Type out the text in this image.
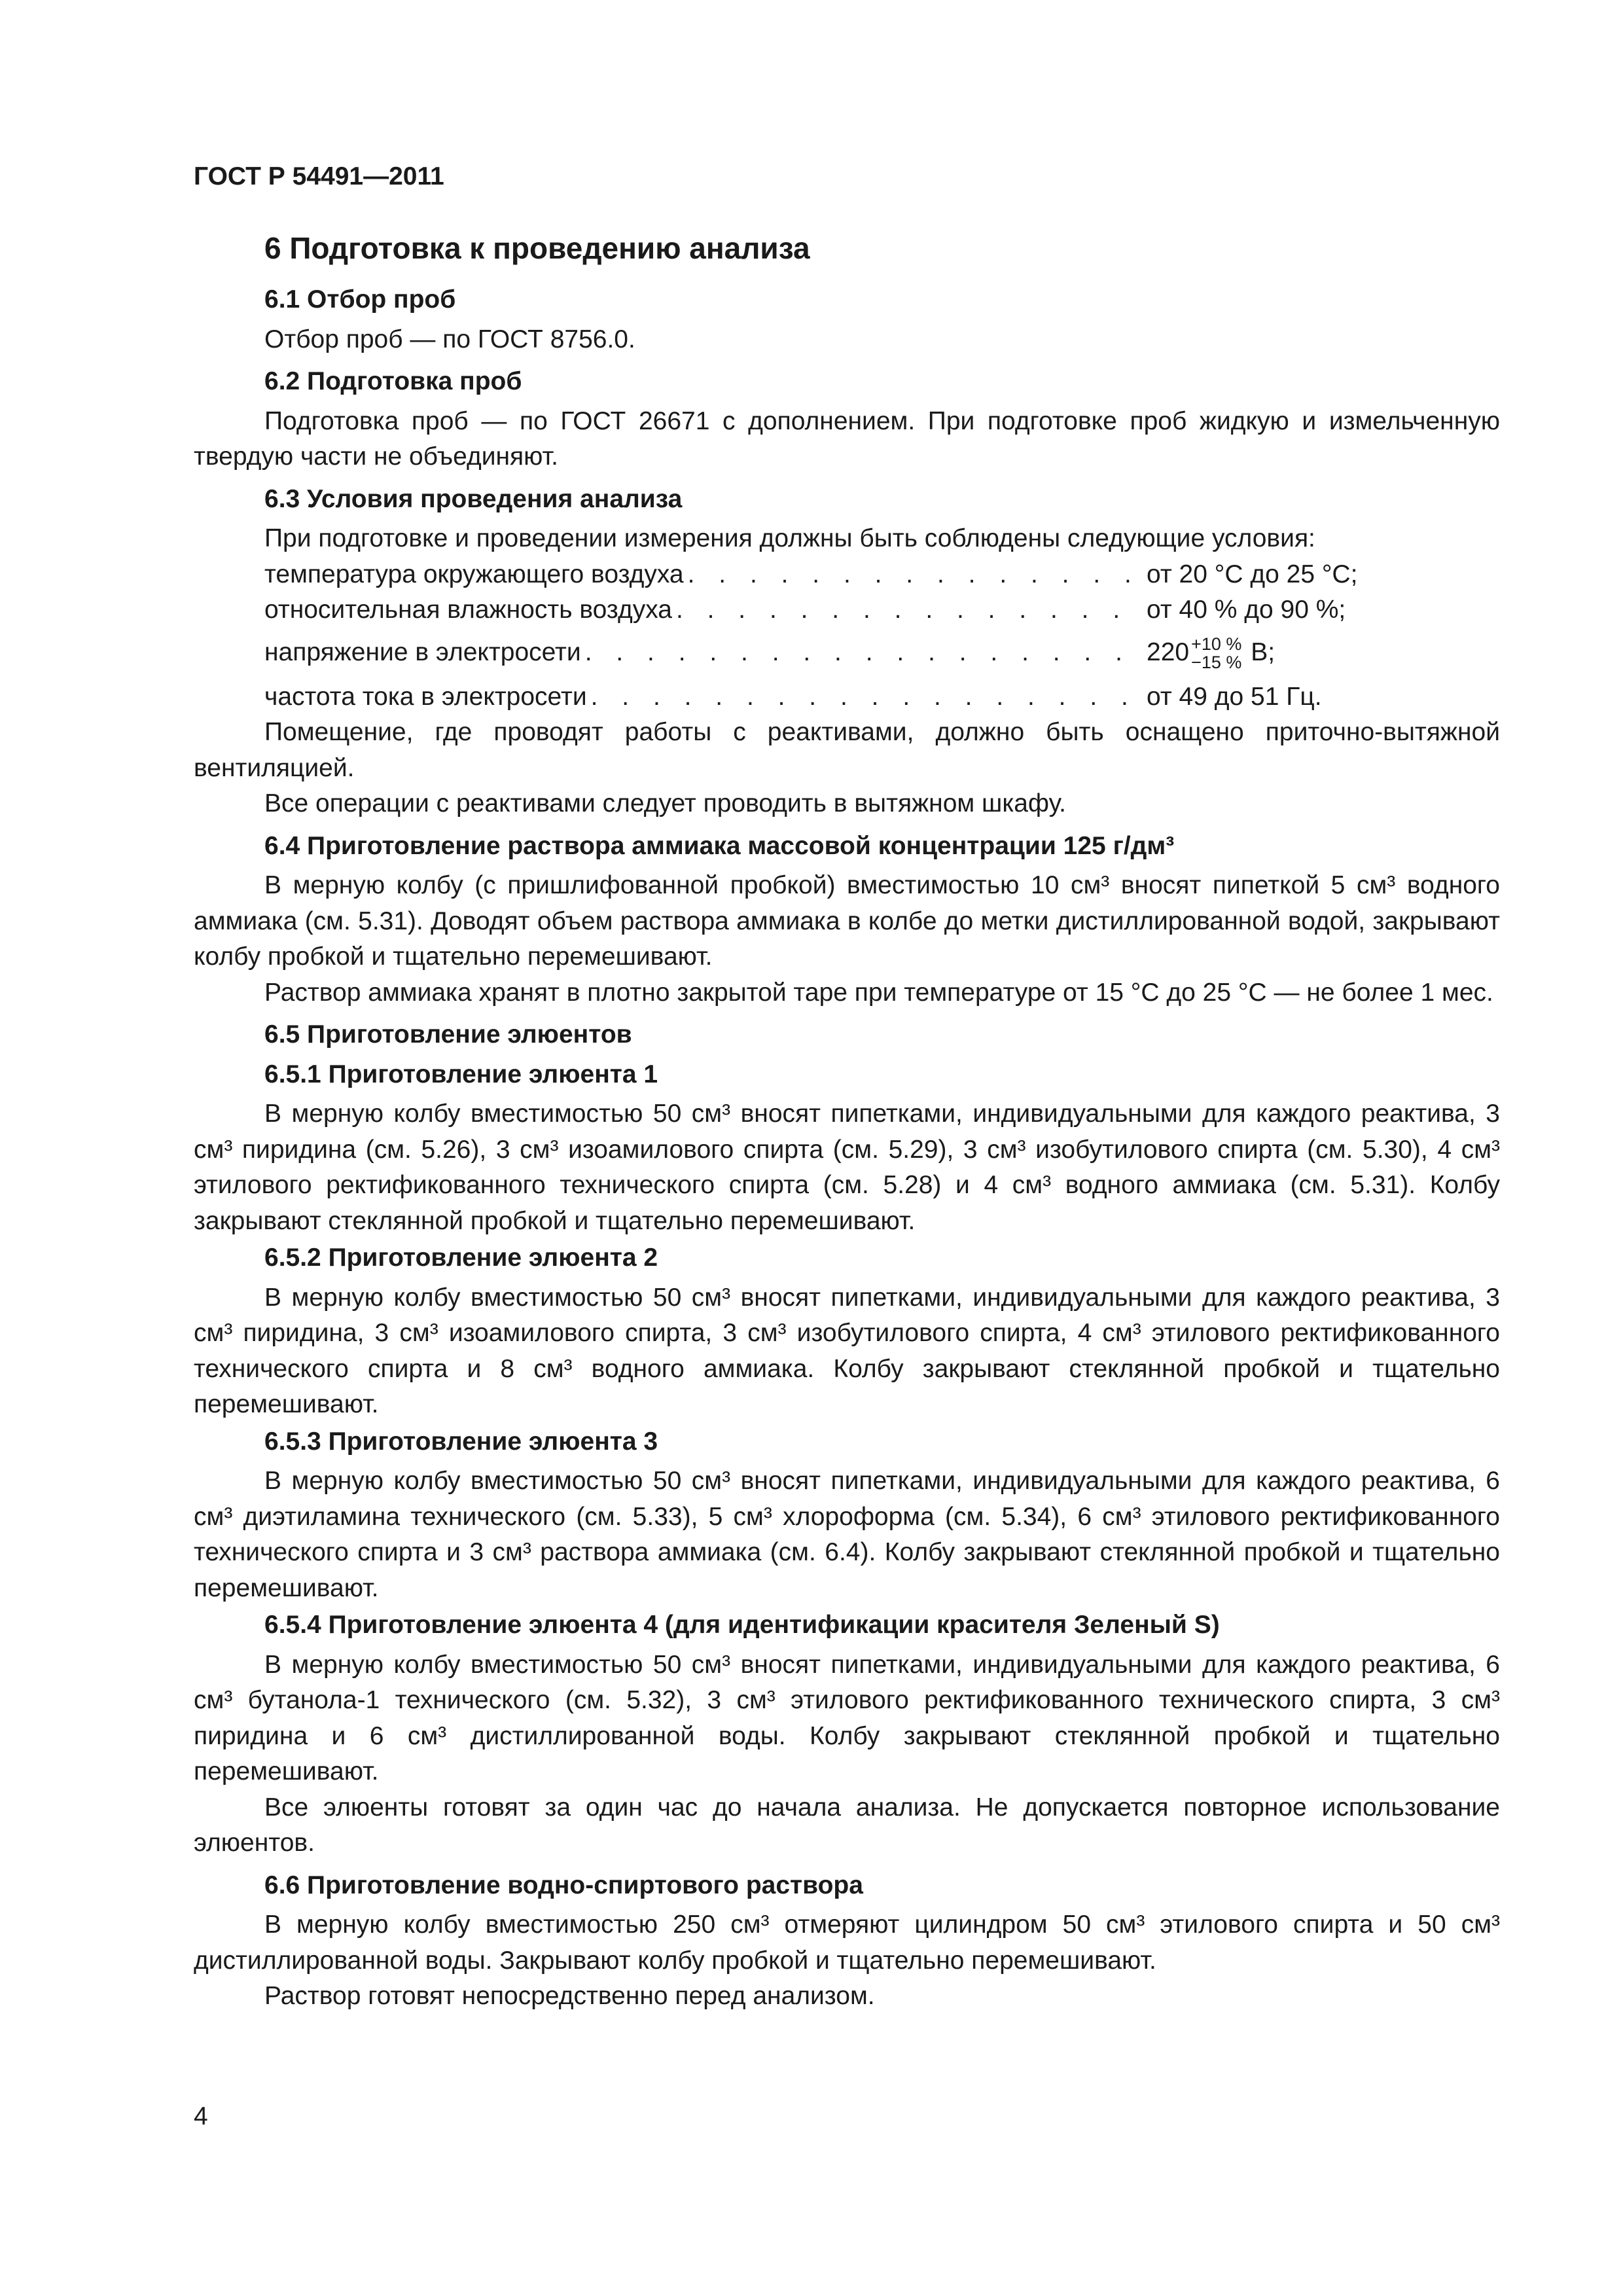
ГОСТ Р 54491—2011

6 Подготовка к проведению анализа
6.1 Отбор проб

Отбор проб — по ГОСТ 8756.0.

6.2 Подготовка проб

Подготовка проб — по ГОСТ 26671 с дополнением. При подготовке проб жидкую и измельченную твердую части не объединяют.

6.3 Условия проведения анализа

При подготовке и проведении измерения должны быть соблюдены следующие условия:

температура окружающего воздуха . . .	от 20 °С до 25 °С;
относительная влажность воздуха . . .	от 40 % до 90 %;
напряжение в электросети . . .	220 +10 %
−15 % В;
частота тока в электросети . . .	от 49 до 51 Гц.

Помещение, где проводят работы с реактивами, должно быть оснащено приточно-вытяжной вентиляцией.

Все операции с реактивами следует проводить в вытяжном шкафу.

6.4 Приготовление раствора аммиака массовой концентрации 125 г/дм³

В мерную колбу (с пришлифованной пробкой) вместимостью 10 см³ вносят пипеткой 5 см³ водного аммиака (см. 5.31). Доводят объем раствора аммиака в колбе до метки дистиллированной водой, закрывают колбу пробкой и тщательно перемешивают.

Раствор аммиака хранят в плотно закрытой таре при температуре от 15 °С до 25 °С — не более 1 мес.

6.5 Приготовление элюентов
6.5.1 Приготовление элюента 1

В мерную колбу вместимостью 50 см³ вносят пипетками, индивидуальными для каждого реактива, 3 см³ пиридина (см. 5.26), 3 см³ изоамилового спирта (см. 5.29), 3 см³ изобутилового спирта (см. 5.30), 4 см³ этилового ректификованного технического спирта (см. 5.28) и 4 см³ водного аммиака (см. 5.31). Колбу закрывают стеклянной пробкой и тщательно перемешивают.

6.5.2 Приготовление элюента 2

В мерную колбу вместимостью 50 см³ вносят пипетками, индивидуальными для каждого реактива, 3 см³ пиридина, 3 см³ изоамилового спирта, 3 см³ изобутилового спирта, 4 см³ этилового ректификованного технического спирта и 8 см³ водного аммиака. Колбу закрывают стеклянной пробкой и тщательно перемешивают.

6.5.3 Приготовление элюента 3

В мерную колбу вместимостью 50 см³ вносят пипетками, индивидуальными для каждого реактива, 6 см³ диэтиламина технического (см. 5.33), 5 см³ хлороформа (см. 5.34), 6 см³ этилового ректификованного технического спирта и 3 см³ раствора аммиака (см. 6.4). Колбу закрывают стеклянной пробкой и тщательно перемешивают.

6.5.4 Приготовление элюента 4 (для идентификации красителя Зеленый S)

В мерную колбу вместимостью 50 см³ вносят пипетками, индивидуальными для каждого реактива, 6 см³ бутанола-1 технического (см. 5.32), 3 см³ этилового ректификованного технического спирта, 3 см³ пиридина и 6 см³ дистиллированной воды. Колбу закрывают стеклянной пробкой и тщательно перемешивают.

Все элюенты готовят за один час до начала анализа. Не допускается повторное использование элюентов.

6.6 Приготовление водно-спиртового раствора

В мерную колбу вместимостью 250 см³ отмеряют цилиндром 50 см³ этилового спирта и 50 см³ дистиллированной воды. Закрывают колбу пробкой и тщательно перемешивают.

Раствор готовят непосредственно перед анализом.

4
